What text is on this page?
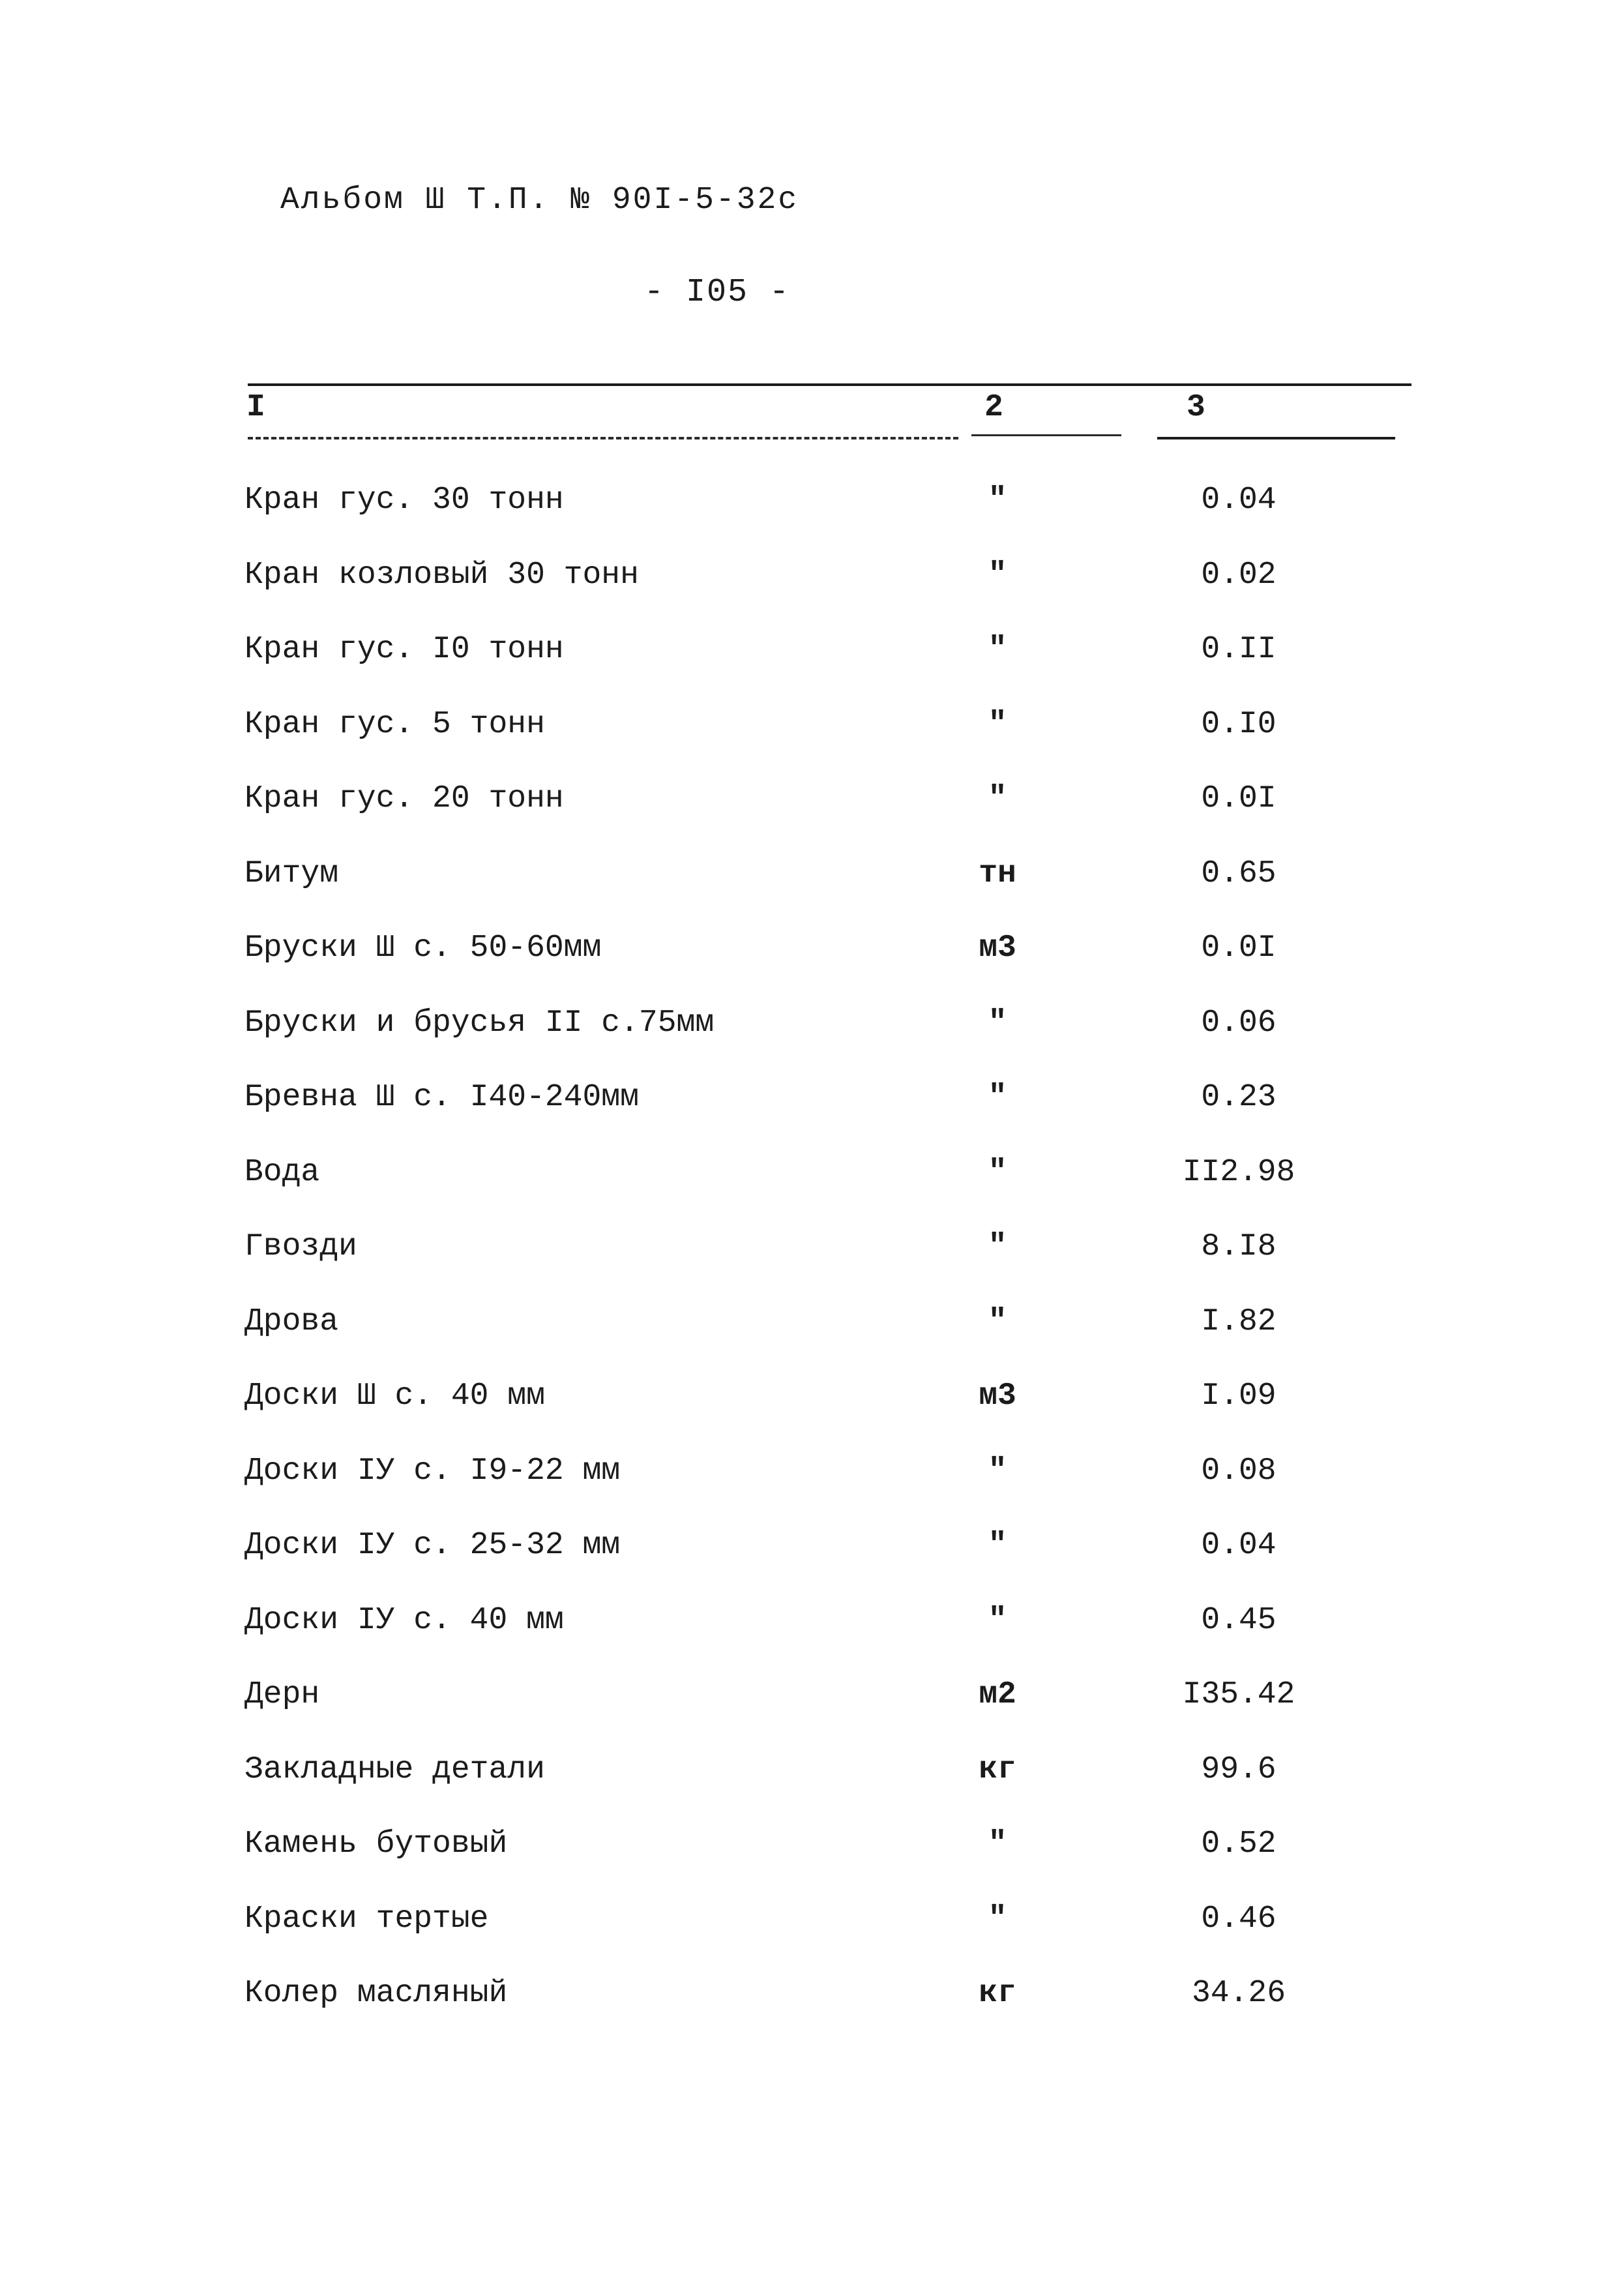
Альбом Ш Т.П. № 90I-5-32с
- I05 -
I	2	3
Кран гус. 30 тонн	"	0.04
Кран козловый 30 тонн	"	0.02
Кран гус. I0 тонн	"	0.II
Кран гус. 5 тонн	"	0.I0
Кран гус. 20 тонн	"	0.0I
Битум	тн	0.65
Бруски Ш с. 50-60мм	м3	0.0I
Бруски и брусья II с.75мм	"	0.06
Бревна Ш с. I40-240мм	"	0.23
Вода	"	II2.98
Гвозди	"	8.I8
Дрова	"	I.82
Доски Ш с. 40 мм	м3	I.09
Доски IУ с. I9-22 мм	"	0.08
Доски IУ с. 25-32 мм	"	0.04
Доски IУ с. 40 мм	"	0.45
Дерн	м2	I35.42
Закладные детали	кг	99.6
Камень бутовый	"	0.52
Краски тертые	"	0.46
Колер масляный	кг	34.26
